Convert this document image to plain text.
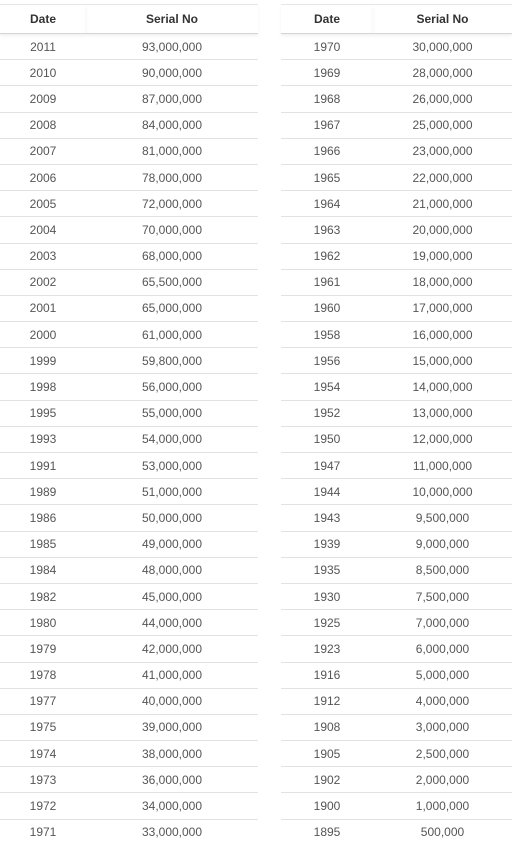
Date	Serial No
2011	93,000,000
2010	90,000,000
2009	87,000,000
2008	84,000,000
2007	81,000,000
2006	78,000,000
2005	72,000,000
2004	70,000,000
2003	68,000,000
2002	65,500,000
2001	65,000,000
2000	61,000,000
1999	59,800,000
1998	56,000,000
1995	55,000,000
1993	54,000,000
1991	53,000,000
1989	51,000,000
1986	50,000,000
1985	49,000,000
1984	48,000,000
1982	45,000,000
1980	44,000,000
1979	42,000,000
1978	41,000,000
1977	40,000,000
1975	39,000,000
1974	38,000,000
1973	36,000,000
1972	34,000,000
1971	33,000,000
Date	Serial No
1970	30,000,000
1969	28,000,000
1968	26,000,000
1967	25,000,000
1966	23,000,000
1965	22,000,000
1964	21,000,000
1963	20,000,000
1962	19,000,000
1961	18,000,000
1960	17,000,000
1958	16,000,000
1956	15,000,000
1954	14,000,000
1952	13,000,000
1950	12,000,000
1947	11,000,000
1944	10,000,000
1943	9,500,000
1939	9,000,000
1935	8,500,000
1930	7,500,000
1925	7,000,000
1923	6,000,000
1916	5,000,000
1912	4,000,000
1908	3,000,000
1905	2,500,000
1902	2,000,000
1900	1,000,000
1895	500,000
